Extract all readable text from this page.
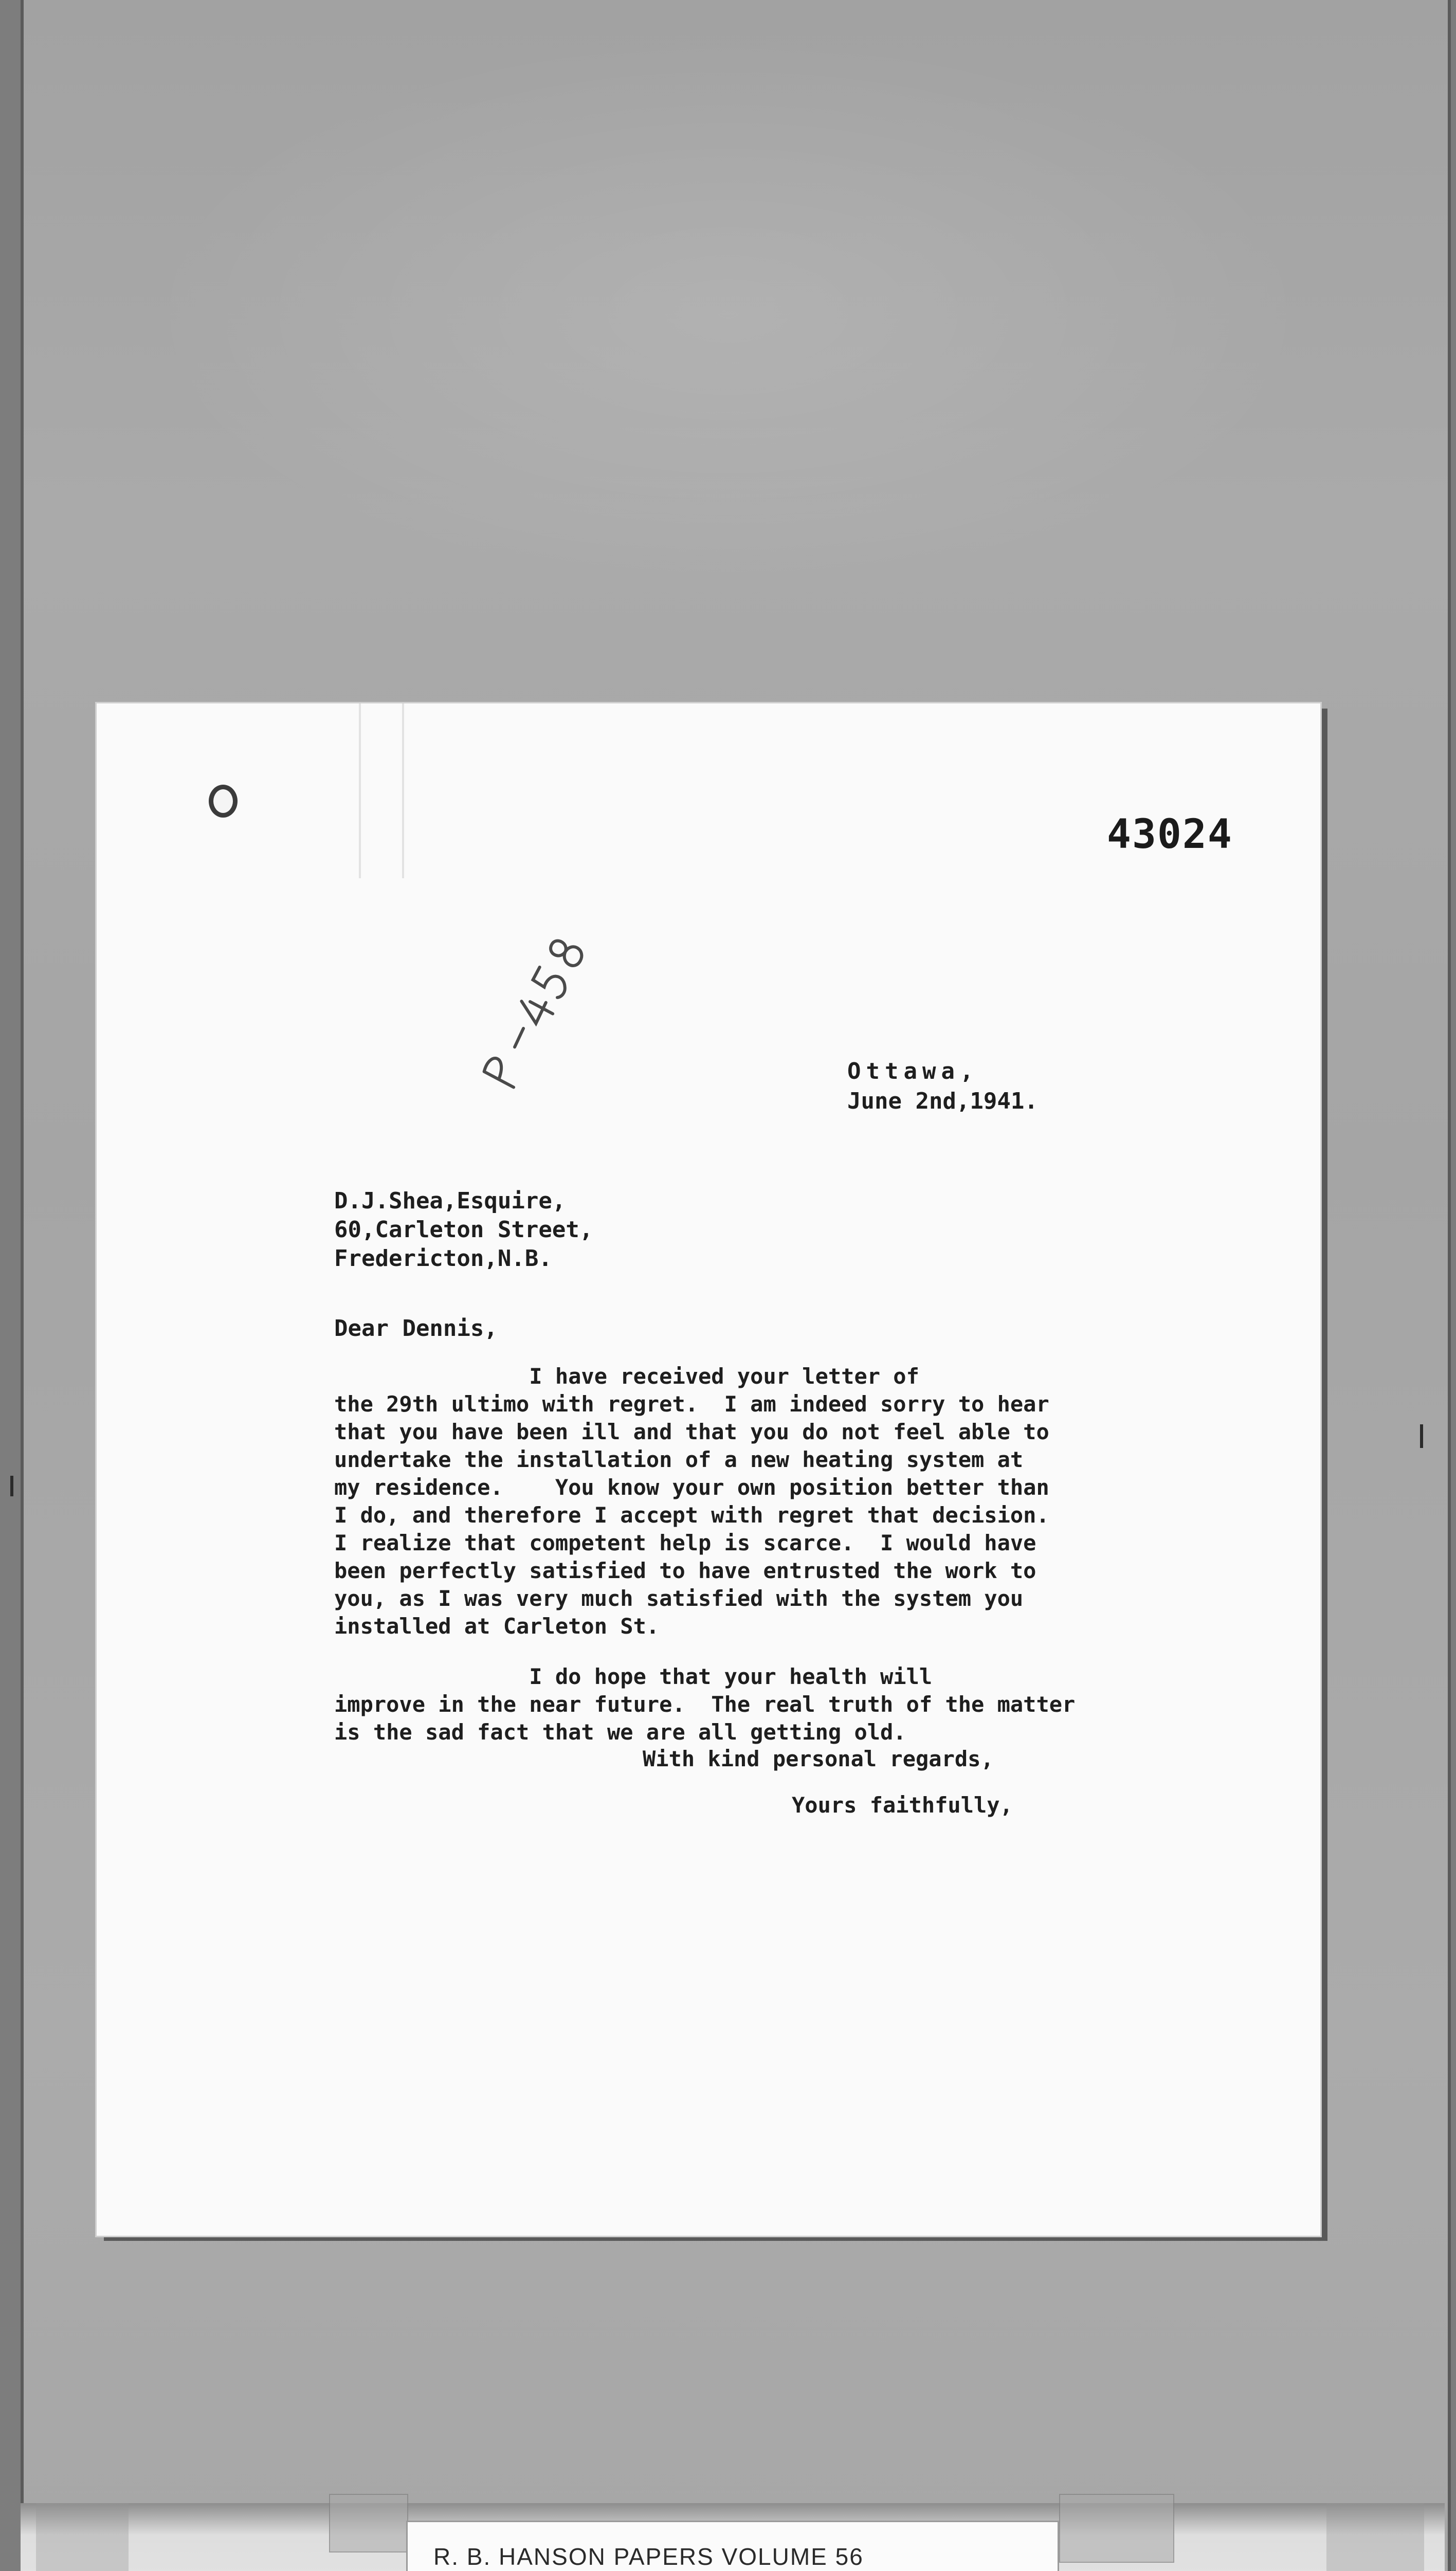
43024
Ottawa,
June 2nd,1941.
D.J.Shea,Esquire,
60,Carleton Street,
Fredericton,N.B.
Dear Dennis,
I have received your letter of
the 29th ultimo with regret.  I am indeed sorry to hear
that you have been ill and that you do not feel able to
undertake the installation of a new heating system at
my residence.    You know your own position better than
I do, and therefore I accept with regret that decision.
I realize that competent help is scarce.  I would have
been perfectly satisfied to have entrusted the work to
you, as I was very much satisfied with the system you
installed at Carleton St.
I do hope that your health will
improve in the near future.  The real truth of the matter
is the sad fact that we are all getting old.
With kind personal regards,
Yours faithfully,
R. B. HANSON PAPERS VOLUME 56
